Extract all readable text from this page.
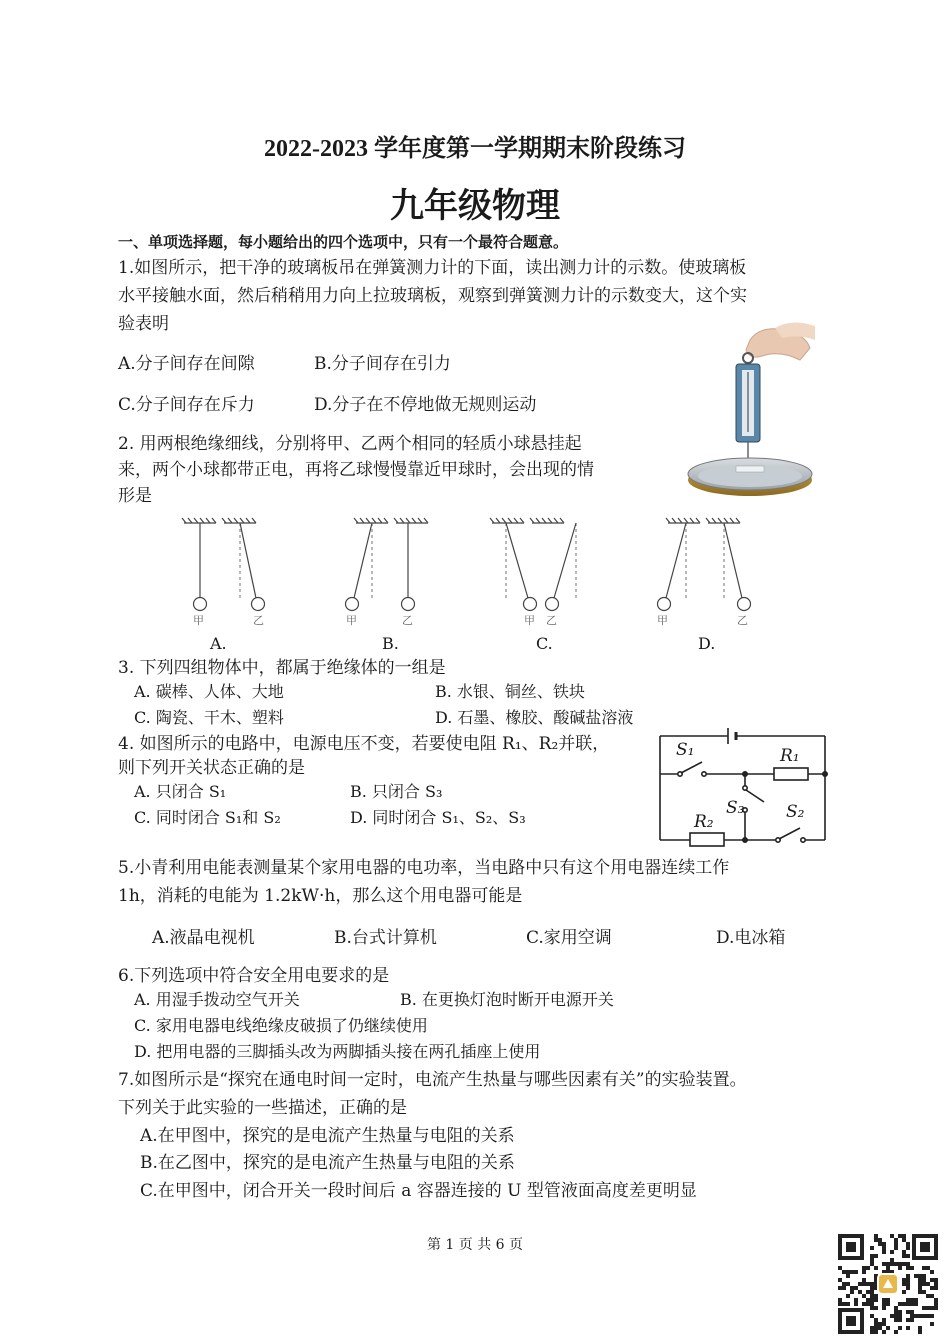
2022-2023 学年度第一学期期末阶段练习
九年级物理
一、单项选择题，每小题给出的四个选项中，只有一个最符合题意。
1.如图所示，把干净的玻璃板吊在弹簧测力计的下面，读出测力计的示数。使玻璃板
水平接触水面，然后稍稍用力向上拉玻璃板，观察到弹簧测力计的示数变大，这个实
验表明
A.分子间存在间隙	B.分子间存在引力
C.分子间存在斥力	D.分子在不停地做无规则运动
2. 用两根绝缘细线，分别将甲、乙两个相同的轻质小球悬挂起
来，两个小球都带正电，再将乙球慢慢靠近甲球时，会出现的情
形是
甲	乙	甲	乙	甲 乙	甲	乙
A.	B.	C.	D.
3. 下列四组物体中，都属于绝缘体的一组是
A. 碳棒、人体、大地	B. 水银、铜丝、铁块
C. 陶瓷、干木、塑料	D. 石墨、橡胶、酸碱盐溶液
4. 如图所示的电路中，电源电压不变，若要使电阻 R₁、R₂并联，
则下列开关状态正确的是
A. 只闭合 S₁	B. 只闭合 S₃
C. 同时闭合 S₁和 S₂	D. 同时闭合 S₁、S₂、S₃
S₁	R₁
S₃ S₂
R₂
5.小青利用电能表测量某个家用电器的电功率，当电路中只有这个用电器连续工作
1h，消耗的电能为 1.2kW·h，那么这个用电器可能是
A.液晶电视机	B.台式计算机	C.家用空调	D.电冰箱
6.下列选项中符合安全用电要求的是
A. 用湿手拨动空气开关	B. 在更换灯泡时断开电源开关
C. 家用电器电线绝缘皮破损了仍继续使用
D. 把用电器的三脚插头改为两脚插头接在两孔插座上使用
7.如图所示是“探究在通电时间一定时，电流产生热量与哪些因素有关”的实验装置。
下列关于此实验的一些描述，正确的是
A.在甲图中，探究的是电流产生热量与电阻的关系
B.在乙图中，探究的是电流产生热量与电阻的关系
C.在甲图中，闭合开关一段时间后 a 容器连接的 U 型管液面高度差更明显
第 1 页 共 6 页
